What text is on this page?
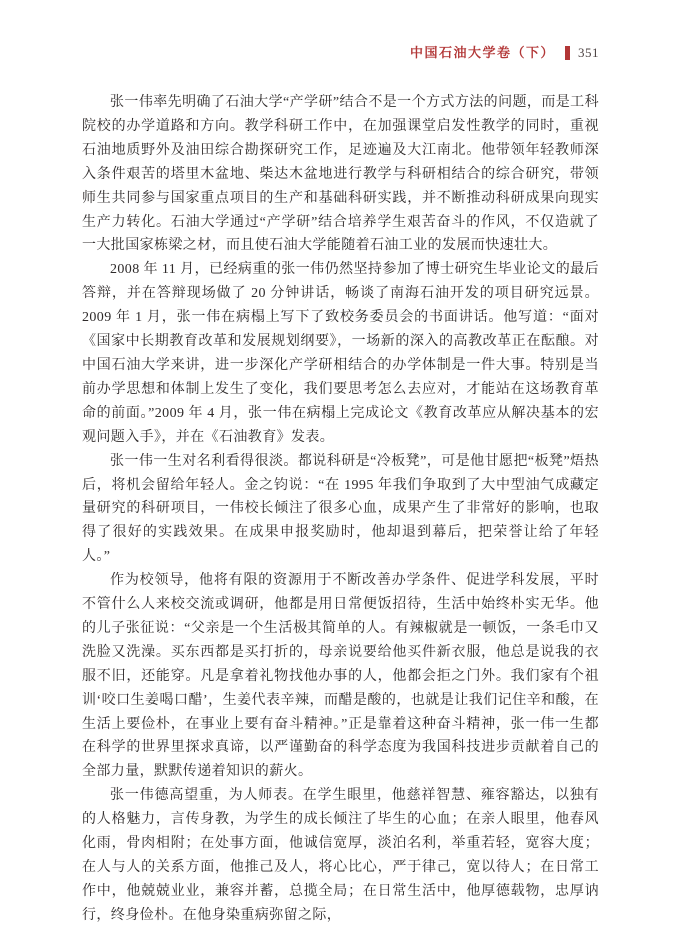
中国石油大学卷（下） 351

张一伟率先明确了石油大学“产学研”结合不是一个方式方法的问题，而是工科院校的办学道路和方向。教学科研工作中，在加强课堂启发性教学的同时，重视石油地质野外及油田综合勘探研究工作，足迹遍及大江南北。他带领年轻教师深入条件艰苦的塔里木盆地、柴达木盆地进行教学与科研相结合的综合研究，带领师生共同参与国家重点项目的生产和基础科研实践，并不断推动科研成果向现实生产力转化。石油大学通过“产学研”结合培养学生艰苦奋斗的作风，不仅造就了一大批国家栋梁之材，而且使石油大学能随着石油工业的发展而快速壮大。

2008 年 11 月，已经病重的张一伟仍然坚持参加了博士研究生毕业论文的最后答辩，并在答辩现场做了 20 分钟讲话，畅谈了南海石油开发的项目研究远景。2009 年 1 月，张一伟在病榻上写下了致校务委员会的书面讲话。他写道：“面对《国家中长期教育改革和发展规划纲要》，一场新的深入的高教改革正在酝酿。对中国石油大学来讲，进一步深化产学研相结合的办学体制是一件大事。特别是当前办学思想和体制上发生了变化，我们要思考怎么去应对，才能站在这场教育革命的前面。”2009 年 4 月，张一伟在病榻上完成论文《教育改革应从解决基本的宏观问题入手》，并在《石油教育》发表。

张一伟一生对名利看得很淡。都说科研是“冷板凳”，可是他甘愿把“板凳”焐热后，将机会留给年轻人。金之钧说：“在 1995 年我们争取到了大中型油气成藏定量研究的科研项目，一伟校长倾注了很多心血，成果产生了非常好的影响，也取得了很好的实践效果。在成果申报奖励时，他却退到幕后，把荣誉让给了年轻人。”

作为校领导，他将有限的资源用于不断改善办学条件、促进学科发展，平时不管什么人来校交流或调研，他都是用日常便饭招待，生活中始终朴实无华。他的儿子张征说：“父亲是一个生活极其简单的人。有辣椒就是一顿饭，一条毛巾又洗脸又洗澡。买东西都是买打折的，母亲说要给他买件新衣服，他总是说我的衣服不旧，还能穿。凡是拿着礼物找他办事的人，他都会拒之门外。我们家有个祖训‘咬口生姜喝口醋’，生姜代表辛辣，而醋是酸的，也就是让我们记住辛和酸，在生活上要俭朴，在事业上要有奋斗精神。”正是靠着这种奋斗精神，张一伟一生都在科学的世界里探求真谛，以严谨勤奋的科学态度为我国科技进步贡献着自己的全部力量，默默传递着知识的薪火。

张一伟德高望重，为人师表。在学生眼里，他慈祥智慧、雍容豁达，以独有的人格魅力，言传身教，为学生的成长倾注了毕生的心血；在亲人眼里，他春风化雨，骨肉相附；在处事方面，他诚信宽厚，淡泊名利，举重若轻，宽容大度；在人与人的关系方面，他推己及人，将心比心，严于律己，宽以待人；在日常工作中，他兢兢业业，兼容并蓄，总揽全局；在日常生活中，他厚德载物，忠厚讷行，终身俭朴。在他身染重病弥留之际，
